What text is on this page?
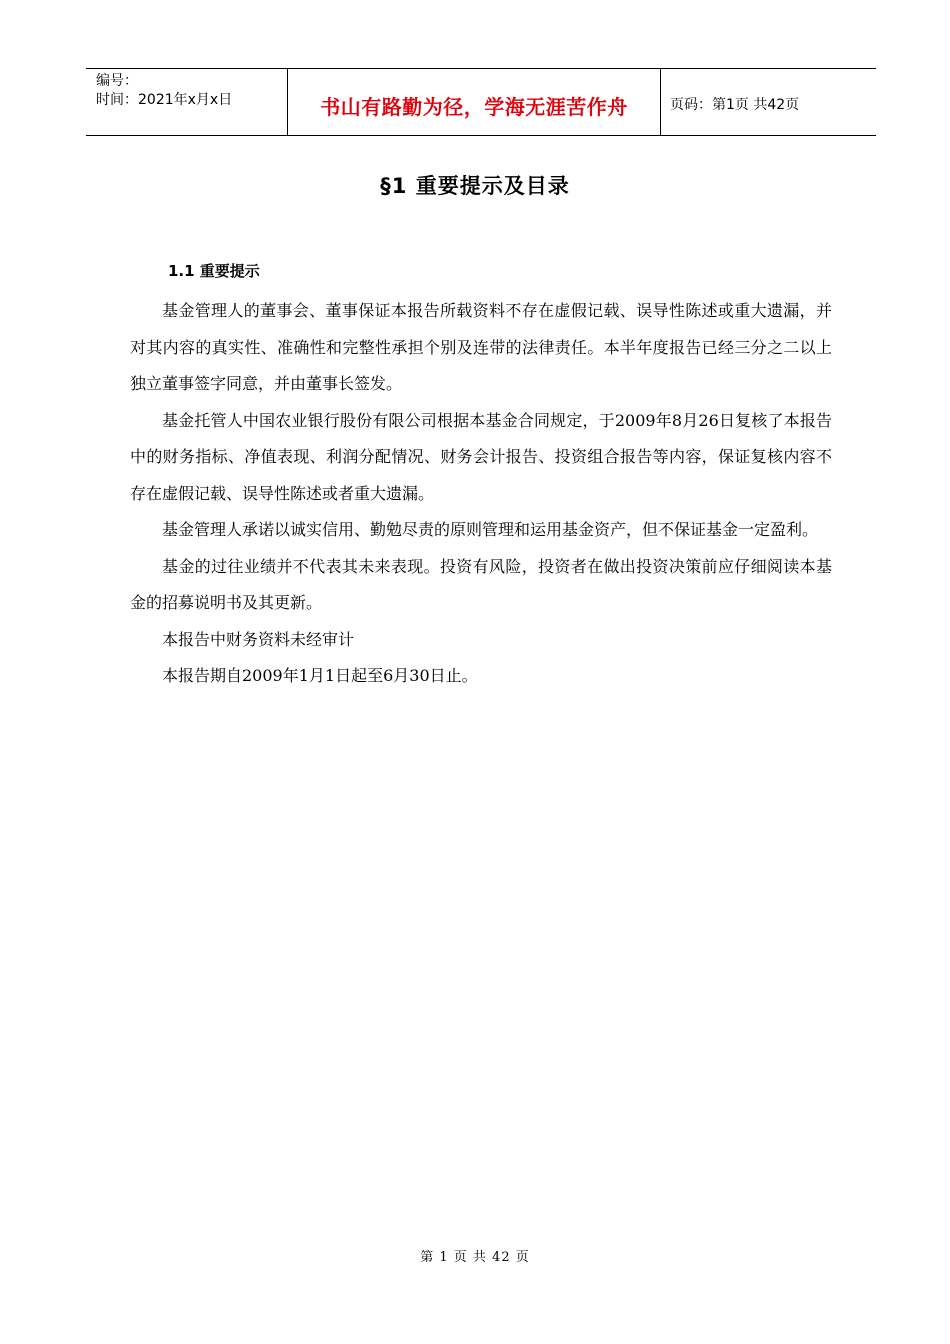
编号：
时间：2021年x月x日	书山有路勤为径，学海无涯苦作舟	页码：第1页 共42页
§1 重要提示及目录
1.1 重要提示

基金管理人的董事会、董事保证本报告所载资料不存在虚假记载、误导性陈述或重大遗漏，并对其内容的真实性、准确性和完整性承担个别及连带的法律责任。本半年度报告已经三分之二以上独立董事签字同意，并由董事长签发。

基金托管人中国农业银行股份有限公司根据本基金合同规定，于2009年8月26日复核了本报告中的财务指标、净值表现、利润分配情况、财务会计报告、投资组合报告等内容，保证复核内容不存在虚假记载、误导性陈述或者重大遗漏。

基金管理人承诺以诚实信用、勤勉尽责的原则管理和运用基金资产，但不保证基金一定盈利。

基金的过往业绩并不代表其未来表现。投资有风险，投资者在做出投资决策前应仔细阅读本基金的招募说明书及其更新。

本报告中财务资料未经审计

本报告期自2009年1月1日起至6月30日止。

第 1 页 共 42 页
